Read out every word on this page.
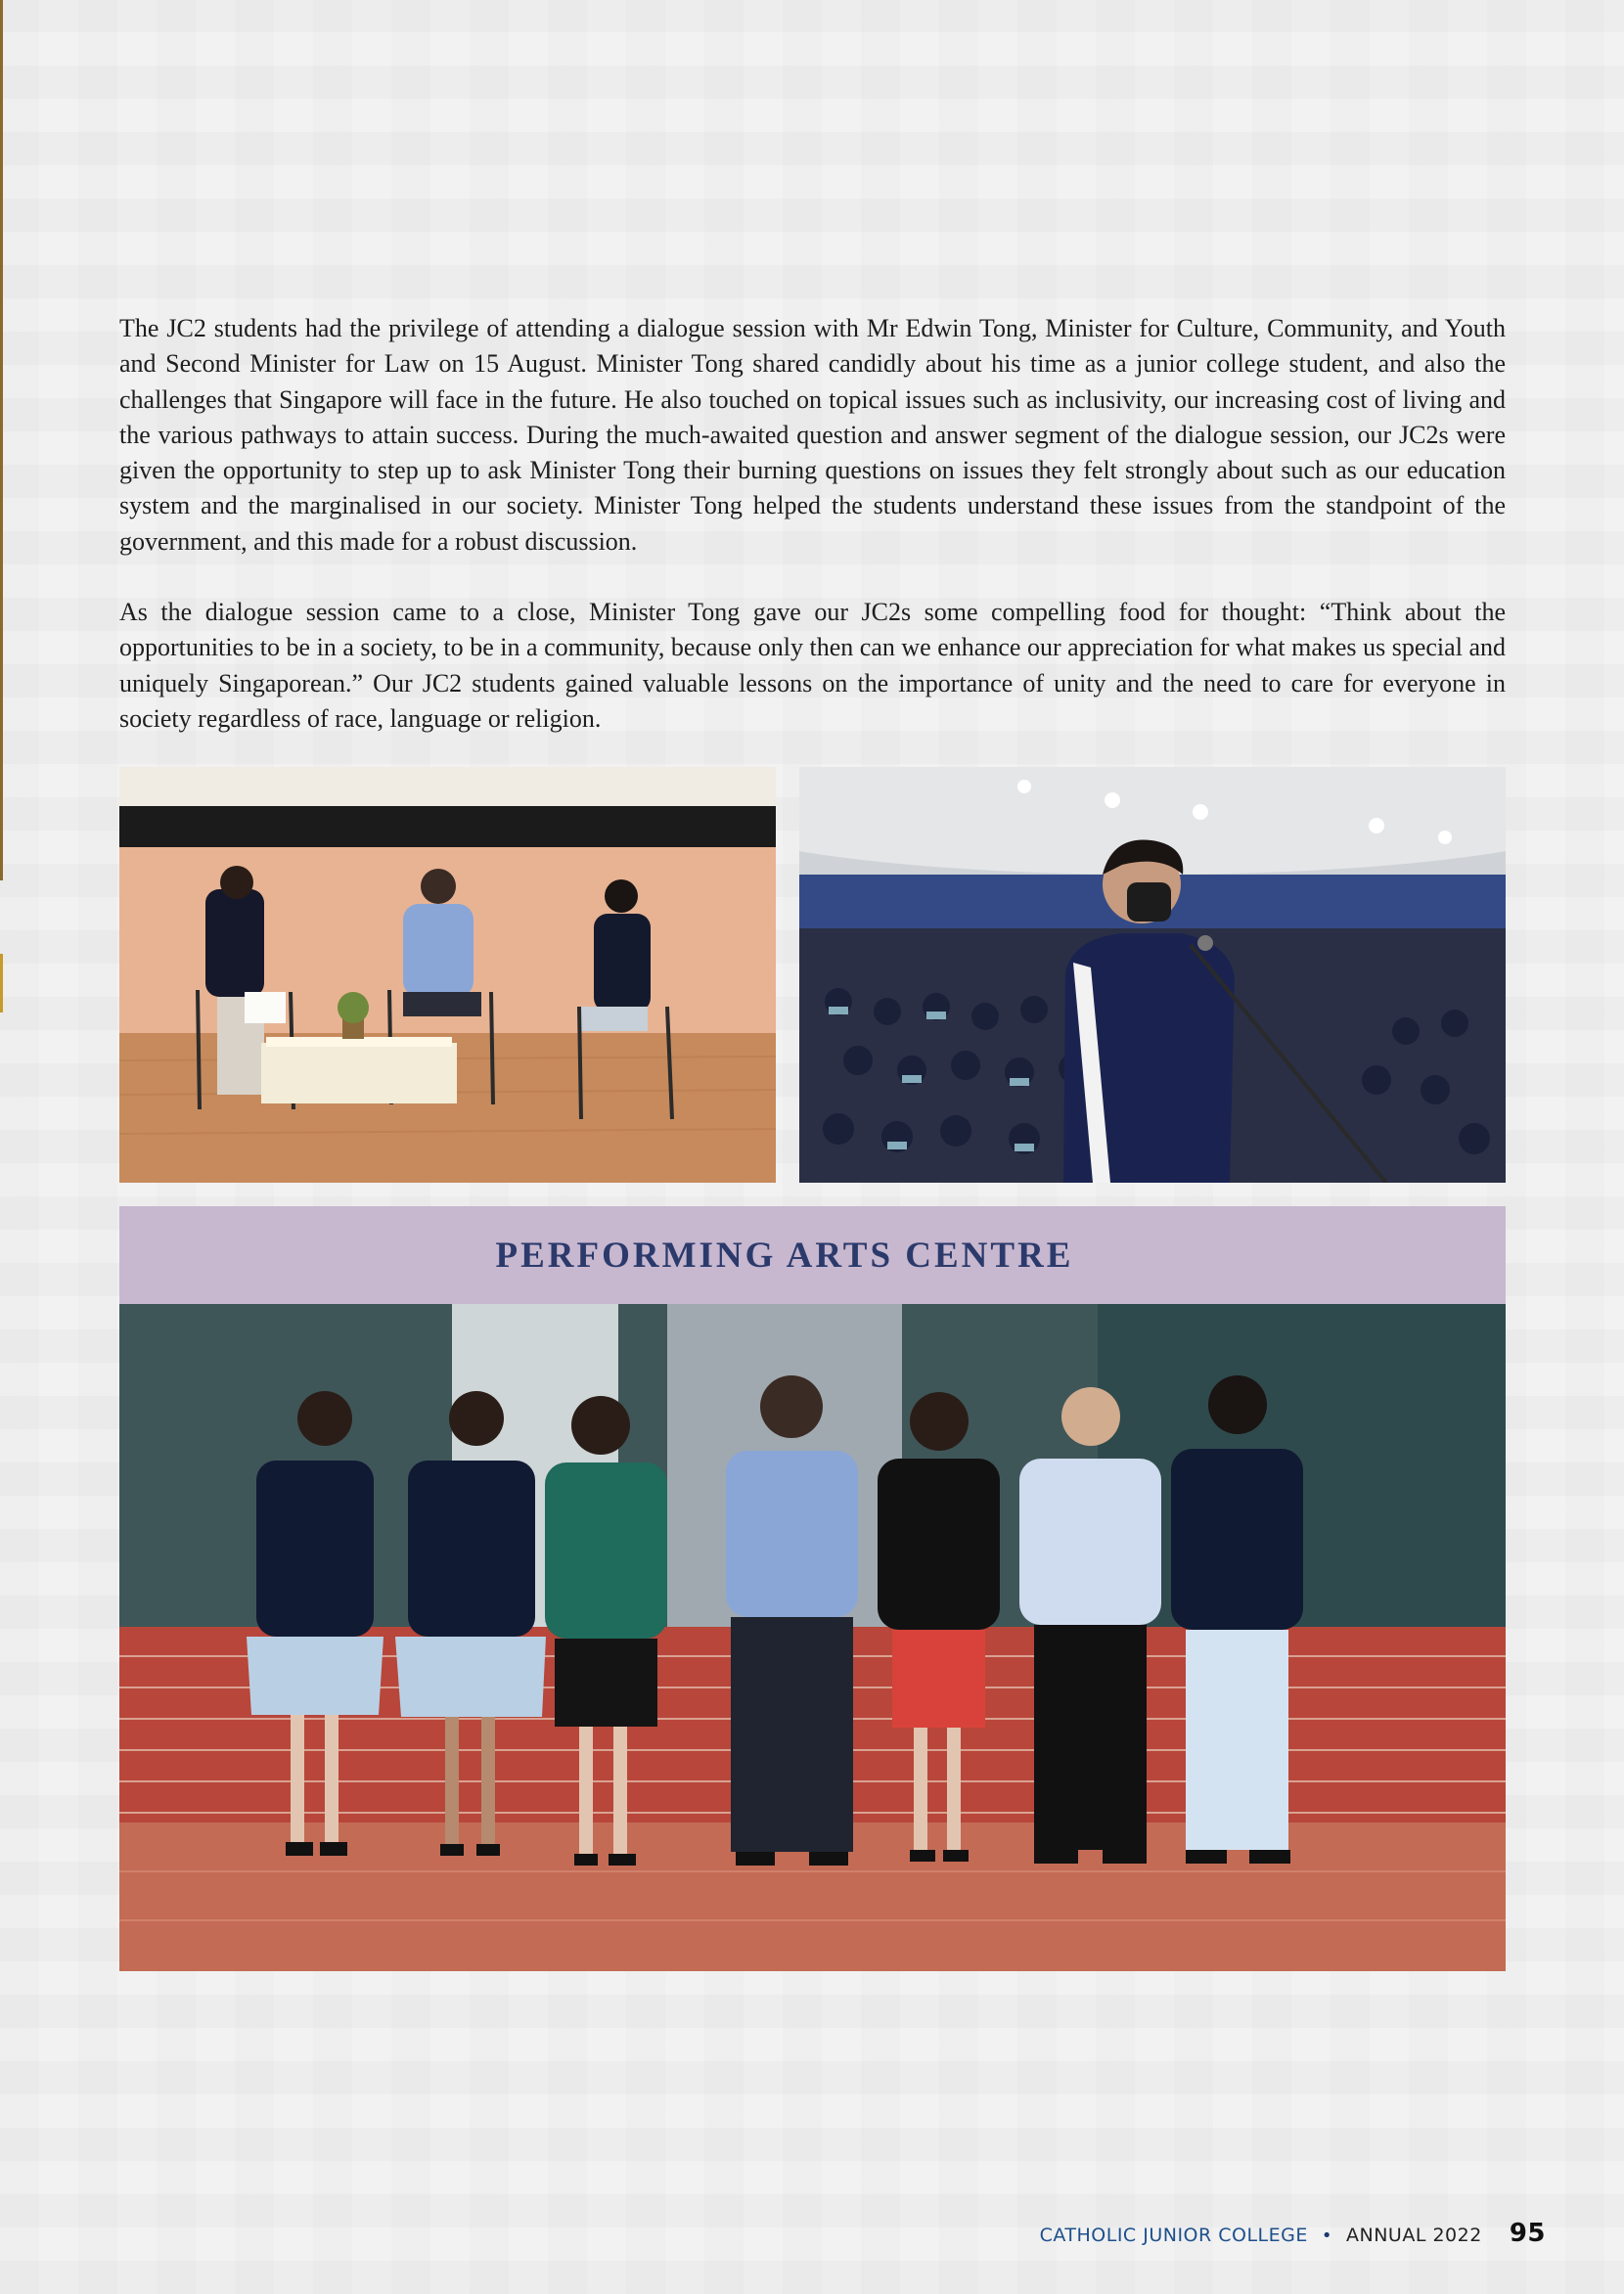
The JC2 students had the privilege of attending a dialogue session with Mr Edwin Tong, Minister for Culture, Community, and Youth and Second Minister for Law on 15 August. Minister Tong shared candidly about his time as a junior college student, and also the challenges that Singapore will face in the future. He also touched on topical issues such as inclusivity, our increasing cost of living and the various pathways to attain success. During the much-awaited question and answer segment of the dialogue session, our JC2s were given the opportunity to step up to ask Minister Tong their burning questions on issues they felt strongly about such as our education system and the marginalised in our society. Minister Tong helped the students understand these issues from the standpoint of the government, and this made for a robust discussion.

As the dialogue session came to a close, Minister Tong gave our JC2s some compelling food for thought: “Think about the opportunities to be in a society, to be in a community, because only then can we enhance our appreciation for what makes us special and uniquely Singaporean.” Our JC2 students gained valuable lessons on the importance of unity and the need to care for everyone in society regardless of race, language or religion.

PERFORMING ARTS CENTRE
CATHOLIC JUNIOR COLLEGE • ANNUAL 2022 95
